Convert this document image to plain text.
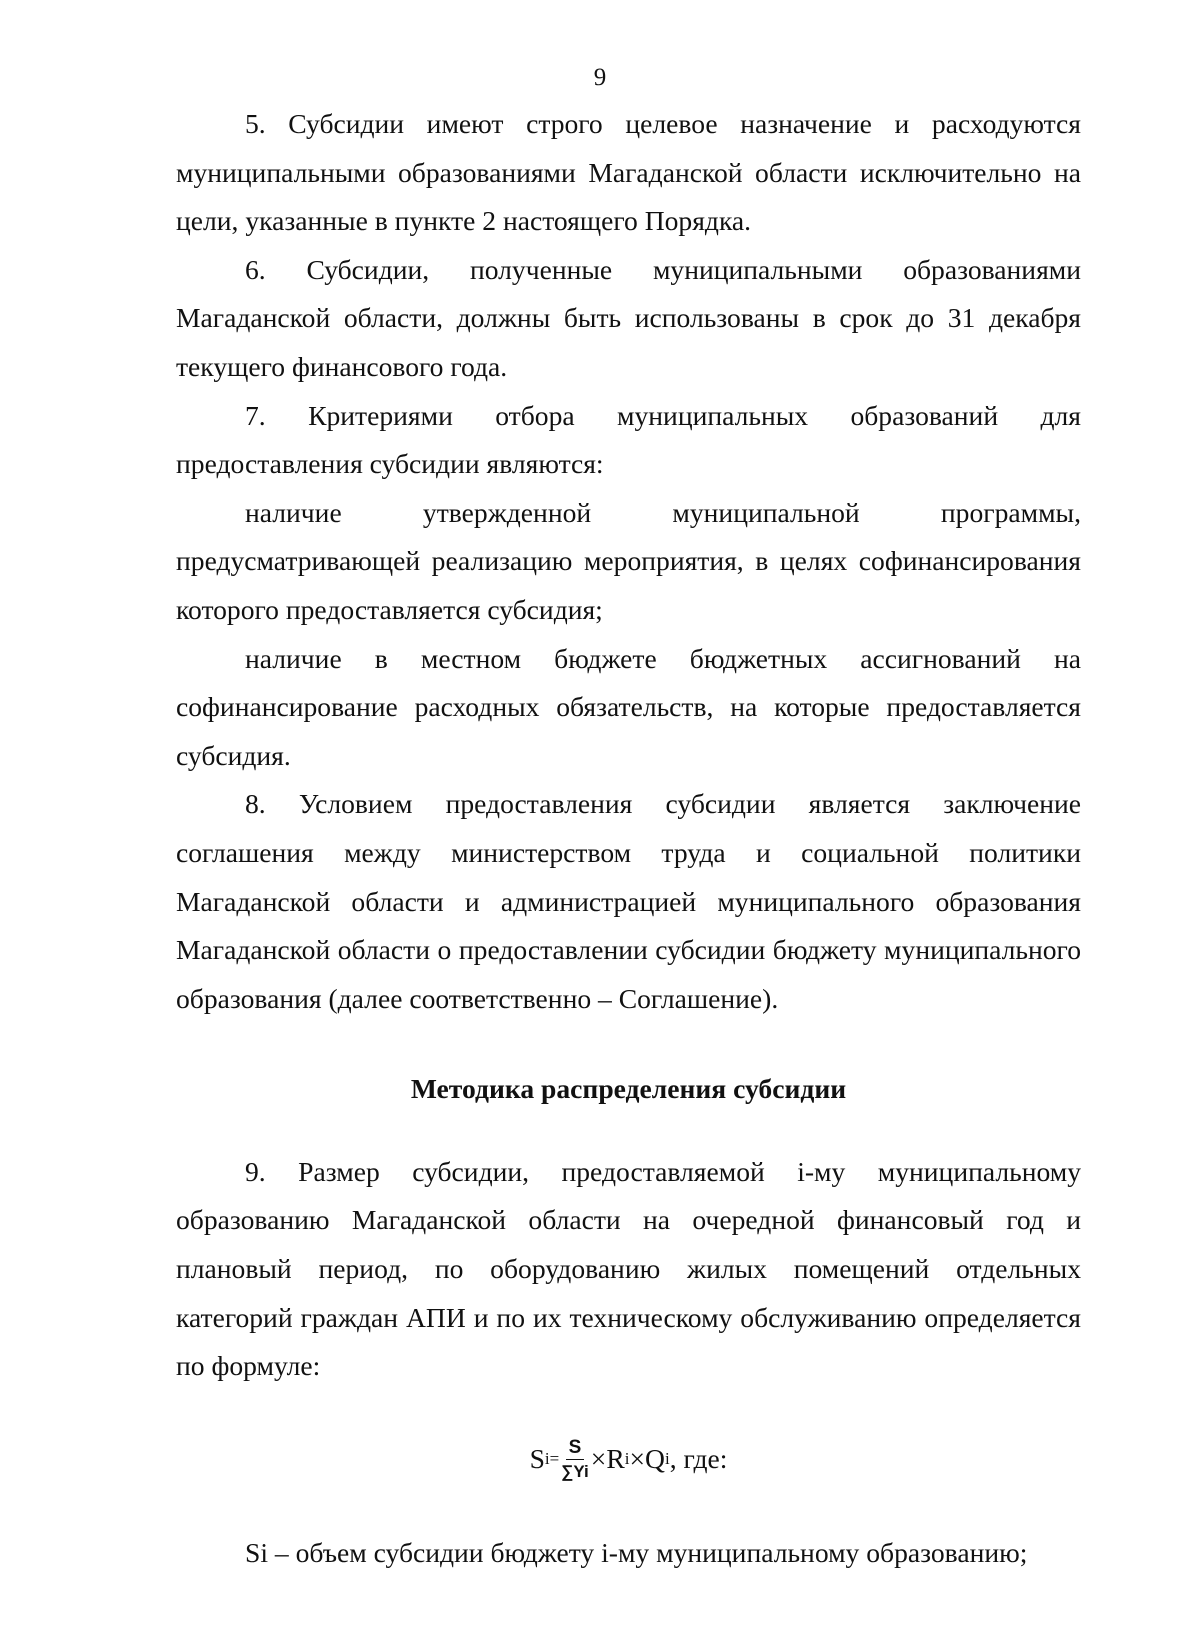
9

5. Субсидии имеют строго целевое назначение и расходуются муниципальными образованиями Магаданской области исключительно на цели, указанные в пункте 2 настоящего Порядка.

6. Субсидии, полученные муниципальными образованиями Магаданской области, должны быть использованы в срок до 31 декабря текущего финансового года.

7. Критериями отбора муниципальных образований для предоставления субсидии являются:

наличие утвержденной муниципальной программы, предусматривающей реализацию мероприятия, в целях софинансирования которого предоставляется субсидия;

наличие в местном бюджете бюджетных ассигнований на софинансирование расходных обязательств, на которые предоставляется субсидия.

8. Условием предоставления субсидии является заключение соглашения между министерством труда и социальной политики Магаданской области и администрацией муниципального образования Магаданской области о предоставлении субсидии бюджету муниципального образования (далее соответственно – Соглашение).

Методика распределения субсидии

9. Размер субсидии, предоставляемой i-му муниципальному образованию Магаданской области на очередной финансовый год и плановый период, по оборудованию жилых помещений отдельных категорий граждан АПИ и по их техническому обслуживанию определяется по формуле:

S $i= \frac{S}{\sum Yi} \times R$ i ×Q i , где:

Si – объем субсидии бюджету i-му муниципальному образованию;
